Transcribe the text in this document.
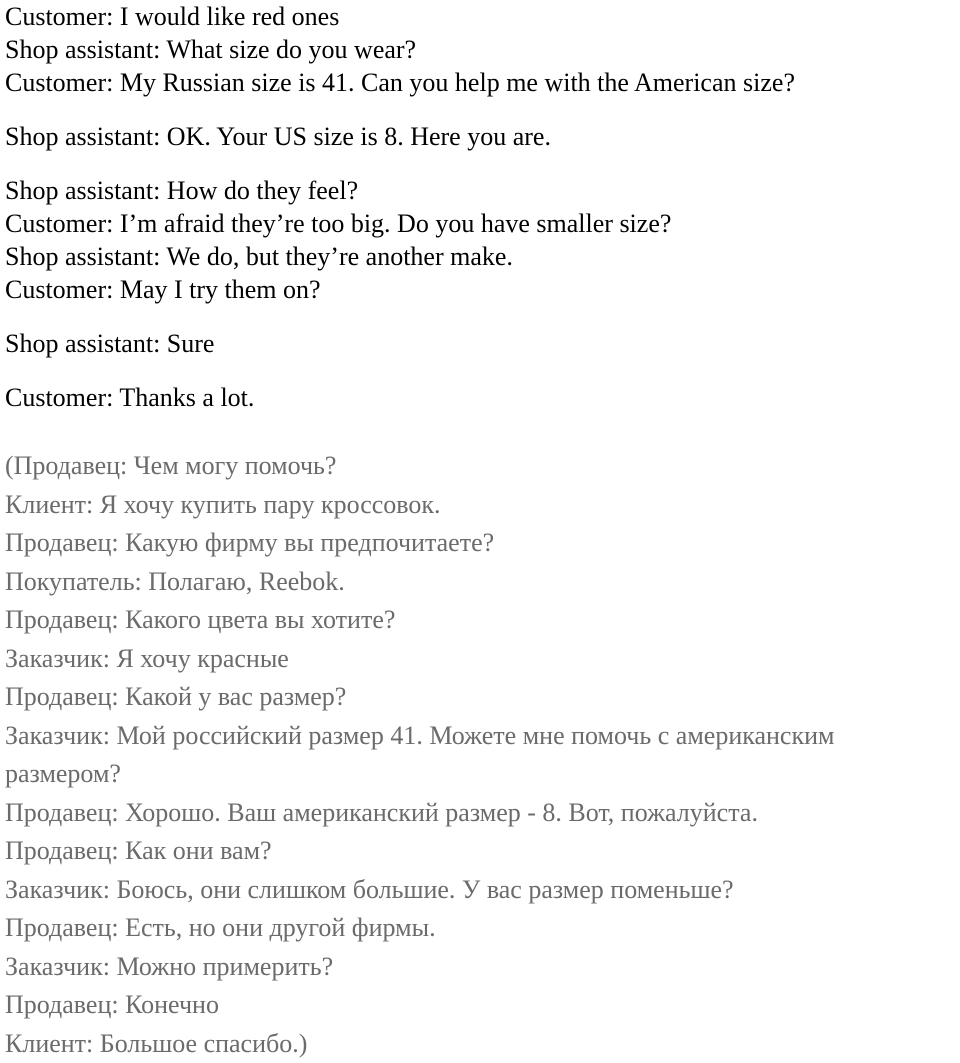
Customer: I would like red ones
Shop assistant: What size do you wear?
Customer: My Russian size is 41. Can you help me with the American size?
Shop assistant: OK. Your US size is 8. Here you are.
Shop assistant: How do they feel?
Customer: I’m afraid they’re too big. Do you have smaller size?
Shop assistant: We do, but they’re another make.
Customer: May I try them on?
Shop assistant: Sure
Customer: Thanks a lot.
(Продавец: Чем могу помочь?
Клиент: Я хочу купить пару кроссовок.
Продавец: Какую фирму вы предпочитаете?
Покупатель: Полагаю, Reebok.
Продавец: Какого цвета вы хотите?
Заказчик: Я хочу красные
Продавец: Какой у вас размер?
Заказчик: Мой российский размер 41. Можете мне помочь с американским размером?
Продавец: Хорошо. Ваш американский размер - 8. Вот, пожалуйста.
Продавец: Как они вам?
Заказчик: Боюсь, они слишком большие. У вас размер поменьше?
Продавец: Есть, но они другой фирмы.
Заказчик: Можно примерить?
Продавец: Конечно
Клиент: Большое спасибо.)
